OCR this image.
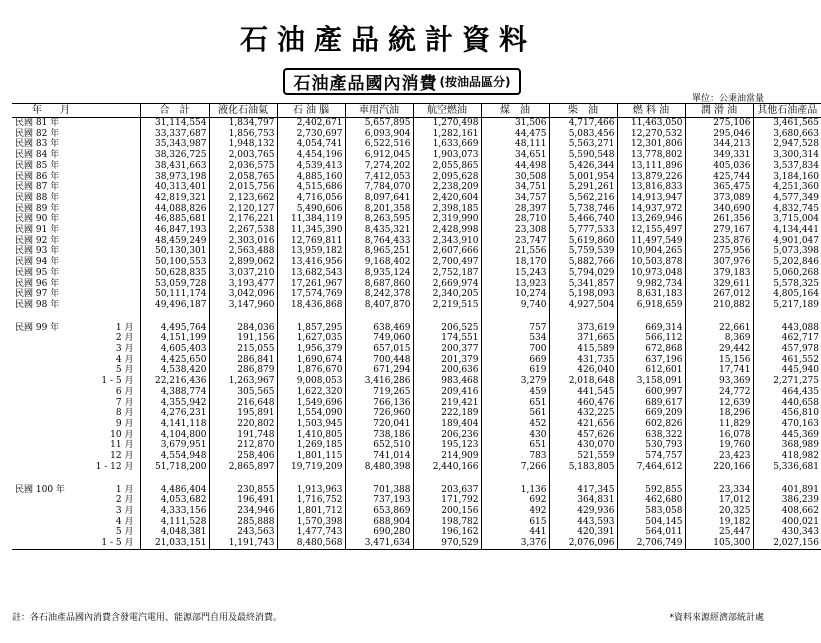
石油產品統計資料
石油產品國內消費 (按油品區分)
單位：公秉油當量
年	月	合　計	液化石油氣	石 油 腦	車用汽油	航空燃油	煤　油	柴　油	燃 料 油	潤 滑 油	其他石油產品
民國 81 年		31,114,554	1,834,797	2,402,671	5,657,895	1,270,498	31,506	4,717,466	11,463,050	275,106	3,461,565
民國 82 年		33,337,687	1,856,753	2,730,697	6,093,904	1,282,161	44,475	5,083,456	12,270,532	295,046	3,680,663
民國 83 年		35,343,987	1,948,132	4,054,741	6,522,516	1,633,669	48,111	5,563,271	12,301,806	344,213	2,947,528
民國 84 年		38,326,725	2,003,765	4,454,196	6,912,045	1,903,073	34,651	5,590,548	13,778,802	349,331	3,300,314
民國 85 年		38,431,663	2,036,575	4,539,413	7,274,202	2,055,865	44,498	5,426,344	13,111,896	405,036	3,537,834
民國 86 年		38,973,198	2,058,765	4,885,160	7,412,053	2,095,628	30,508	5,001,954	13,879,226	425,744	3,184,160
民國 87 年		40,313,401	2,015,756	4,515,686	7,784,070	2,238,209	34,751	5,291,261	13,816,833	365,475	4,251,360
民國 88 年		42,819,321	2,123,662	4,716,056	8,097,641	2,420,604	34,757	5,562,216	14,913,947	373,089	4,577,349
民國 89 年		44,088,826	2,120,127	5,490,606	8,201,358	2,398,185	28,397	5,738,746	14,937,972	340,690	4,832,745
民國 90 年		46,885,681	2,176,221	11,384,119	8,263,595	2,319,990	28,710	5,466,740	13,269,946	261,356	3,715,004
民國 91 年		46,847,193	2,267,538	11,345,390	8,435,321	2,428,998	23,308	5,777,533	12,155,497	279,167	4,134,441
民國 92 年		48,459,249	2,303,016	12,769,811	8,764,433	2,343,910	23,747	5,619,860	11,497,549	235,876	4,901,047
民國 93 年		50,130,301	2,563,488	13,959,182	8,965,251	2,607,666	21,556	5,759,539	10,904,265	275,956	5,073,398
民國 94 年		50,100,553	2,899,062	13,416,956	9,168,402	2,700,497	18,170	5,882,766	10,503,878	307,976	5,202,846
民國 95 年		50,628,835	3,037,210	13,682,543	8,935,124	2,752,187	15,243	5,794,029	10,973,048	379,183	5,060,268
民國 96 年		53,059,728	3,193,477	17,261,967	8,687,860	2,669,974	13,923	5,341,857	9,982,734	329,611	5,578,325
民國 97 年		50,111,174	3,042,096	17,574,769	8,242,378	2,340,205	10,274	5,198,093	8,631,183	267,012	4,805,164
民國 98 年		49,496,187	3,147,960	18,436,868	8,407,870	2,219,515	9,740	4,927,504	6,918,659	210,882	5,217,189

民國 99 年	1 月	4,495,764	284,036	1,857,295	638,469	206,525	757	373,619	669,314	22,661	443,088
	2 月	4,151,199	191,156	1,627,035	749,060	174,551	534	371,665	566,112	8,369	462,717
	3 月	4,605,403	215,055	1,956,379	657,015	200,377	700	415,589	672,868	29,442	457,978
	4 月	4,425,650	286,841	1,690,674	700,448	201,379	669	431,735	637,196	15,156	461,552
	5 月	4,538,420	286,879	1,876,670	671,294	200,636	619	426,040	612,601	17,741	445,940
	1 - 5 月	22,216,436	1,263,967	9,008,053	3,416,286	983,468	3,279	2,018,648	3,158,091	93,369	2,271,275
	6 月	4,388,774	305,565	1,622,320	719,265	209,416	459	441,545	600,997	24,772	464,435
	7 月	4,355,942	216,648	1,549,696	766,136	219,421	651	460,476	689,617	12,639	440,658
	8 月	4,276,231	195,891	1,554,090	726,960	222,189	561	432,225	669,209	18,296	456,810
	9 月	4,141,118	220,802	1,503,945	720,041	189,404	452	421,656	602,826	11,829	470,163
	10 月	4,104,800	191,748	1,410,805	738,186	206,236	430	457,626	638,322	16,078	445,369
	11 月	3,679,951	212,870	1,269,185	652,510	195,123	651	430,070	530,793	19,760	368,989
	12 月	4,554,948	258,406	1,801,115	741,014	214,909	783	521,559	574,757	23,423	418,982
	1 - 12 月	51,718,200	2,865,897	19,719,209	8,480,398	2,440,166	7,266	5,183,805	7,464,612	220,166	5,336,681

民國 100 年	1 月	4,486,404	230,855	1,913,963	701,388	203,637	1,136	417,345	592,855	23,334	401,891
	2 月	4,053,682	196,491	1,716,752	737,193	171,792	692	364,831	462,680	17,012	386,239
	3 月	4,333,156	234,946	1,801,712	653,869	200,156	492	429,936	583,058	20,325	408,662
	4 月	4,111,528	285,888	1,570,398	688,904	198,782	615	443,593	504,145	19,182	400,021
	5 月	4,048,381	243,563	1,477,743	690,280	196,162	441	420,391	564,011	25,447	430,343
	1 - 5 月	21,033,151	1,191,743	8,480,568	3,471,634	970,529	3,376	2,076,096	2,706,749	105,300	2,027,156
註：各石油產品國內消費含發電汽電用、能源部門自用及最終消費。	*資料來源經濟部統計處
